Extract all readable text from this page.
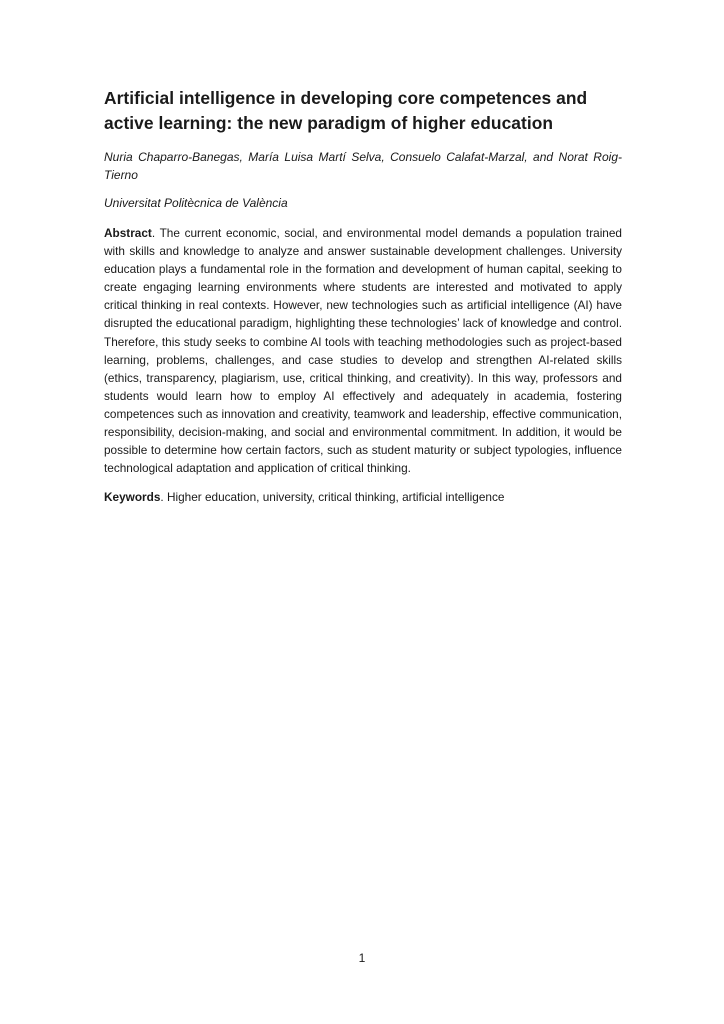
Artificial intelligence in developing core competences and active learning: the new paradigm of higher education

Nuria Chaparro-Banegas, María Luisa Martí Selva, Consuelo Calafat-Marzal, and Norat Roig-Tierno

Universitat Politècnica de València

Abstract. The current economic, social, and environmental model demands a population trained with skills and knowledge to analyze and answer sustainable development challenges. University education plays a fundamental role in the formation and development of human capital, seeking to create engaging learning environments where students are interested and motivated to apply critical thinking in real contexts. However, new technologies such as artificial intelligence (AI) have disrupted the educational paradigm, highlighting these technologies’ lack of knowledge and control. Therefore, this study seeks to combine AI tools with teaching methodologies such as project-based learning, problems, challenges, and case studies to develop and strengthen AI-related skills (ethics, transparency, plagiarism, use, critical thinking, and creativity). In this way, professors and students would learn how to employ AI effectively and adequately in academia, fostering competences such as innovation and creativity, teamwork and leadership, effective communication, responsibility, decision-making, and social and environmental commitment. In addition, it would be possible to determine how certain factors, such as student maturity or subject typologies, influence technological adaptation and application of critical thinking.

Keywords. Higher education, university, critical thinking, artificial intelligence

1
